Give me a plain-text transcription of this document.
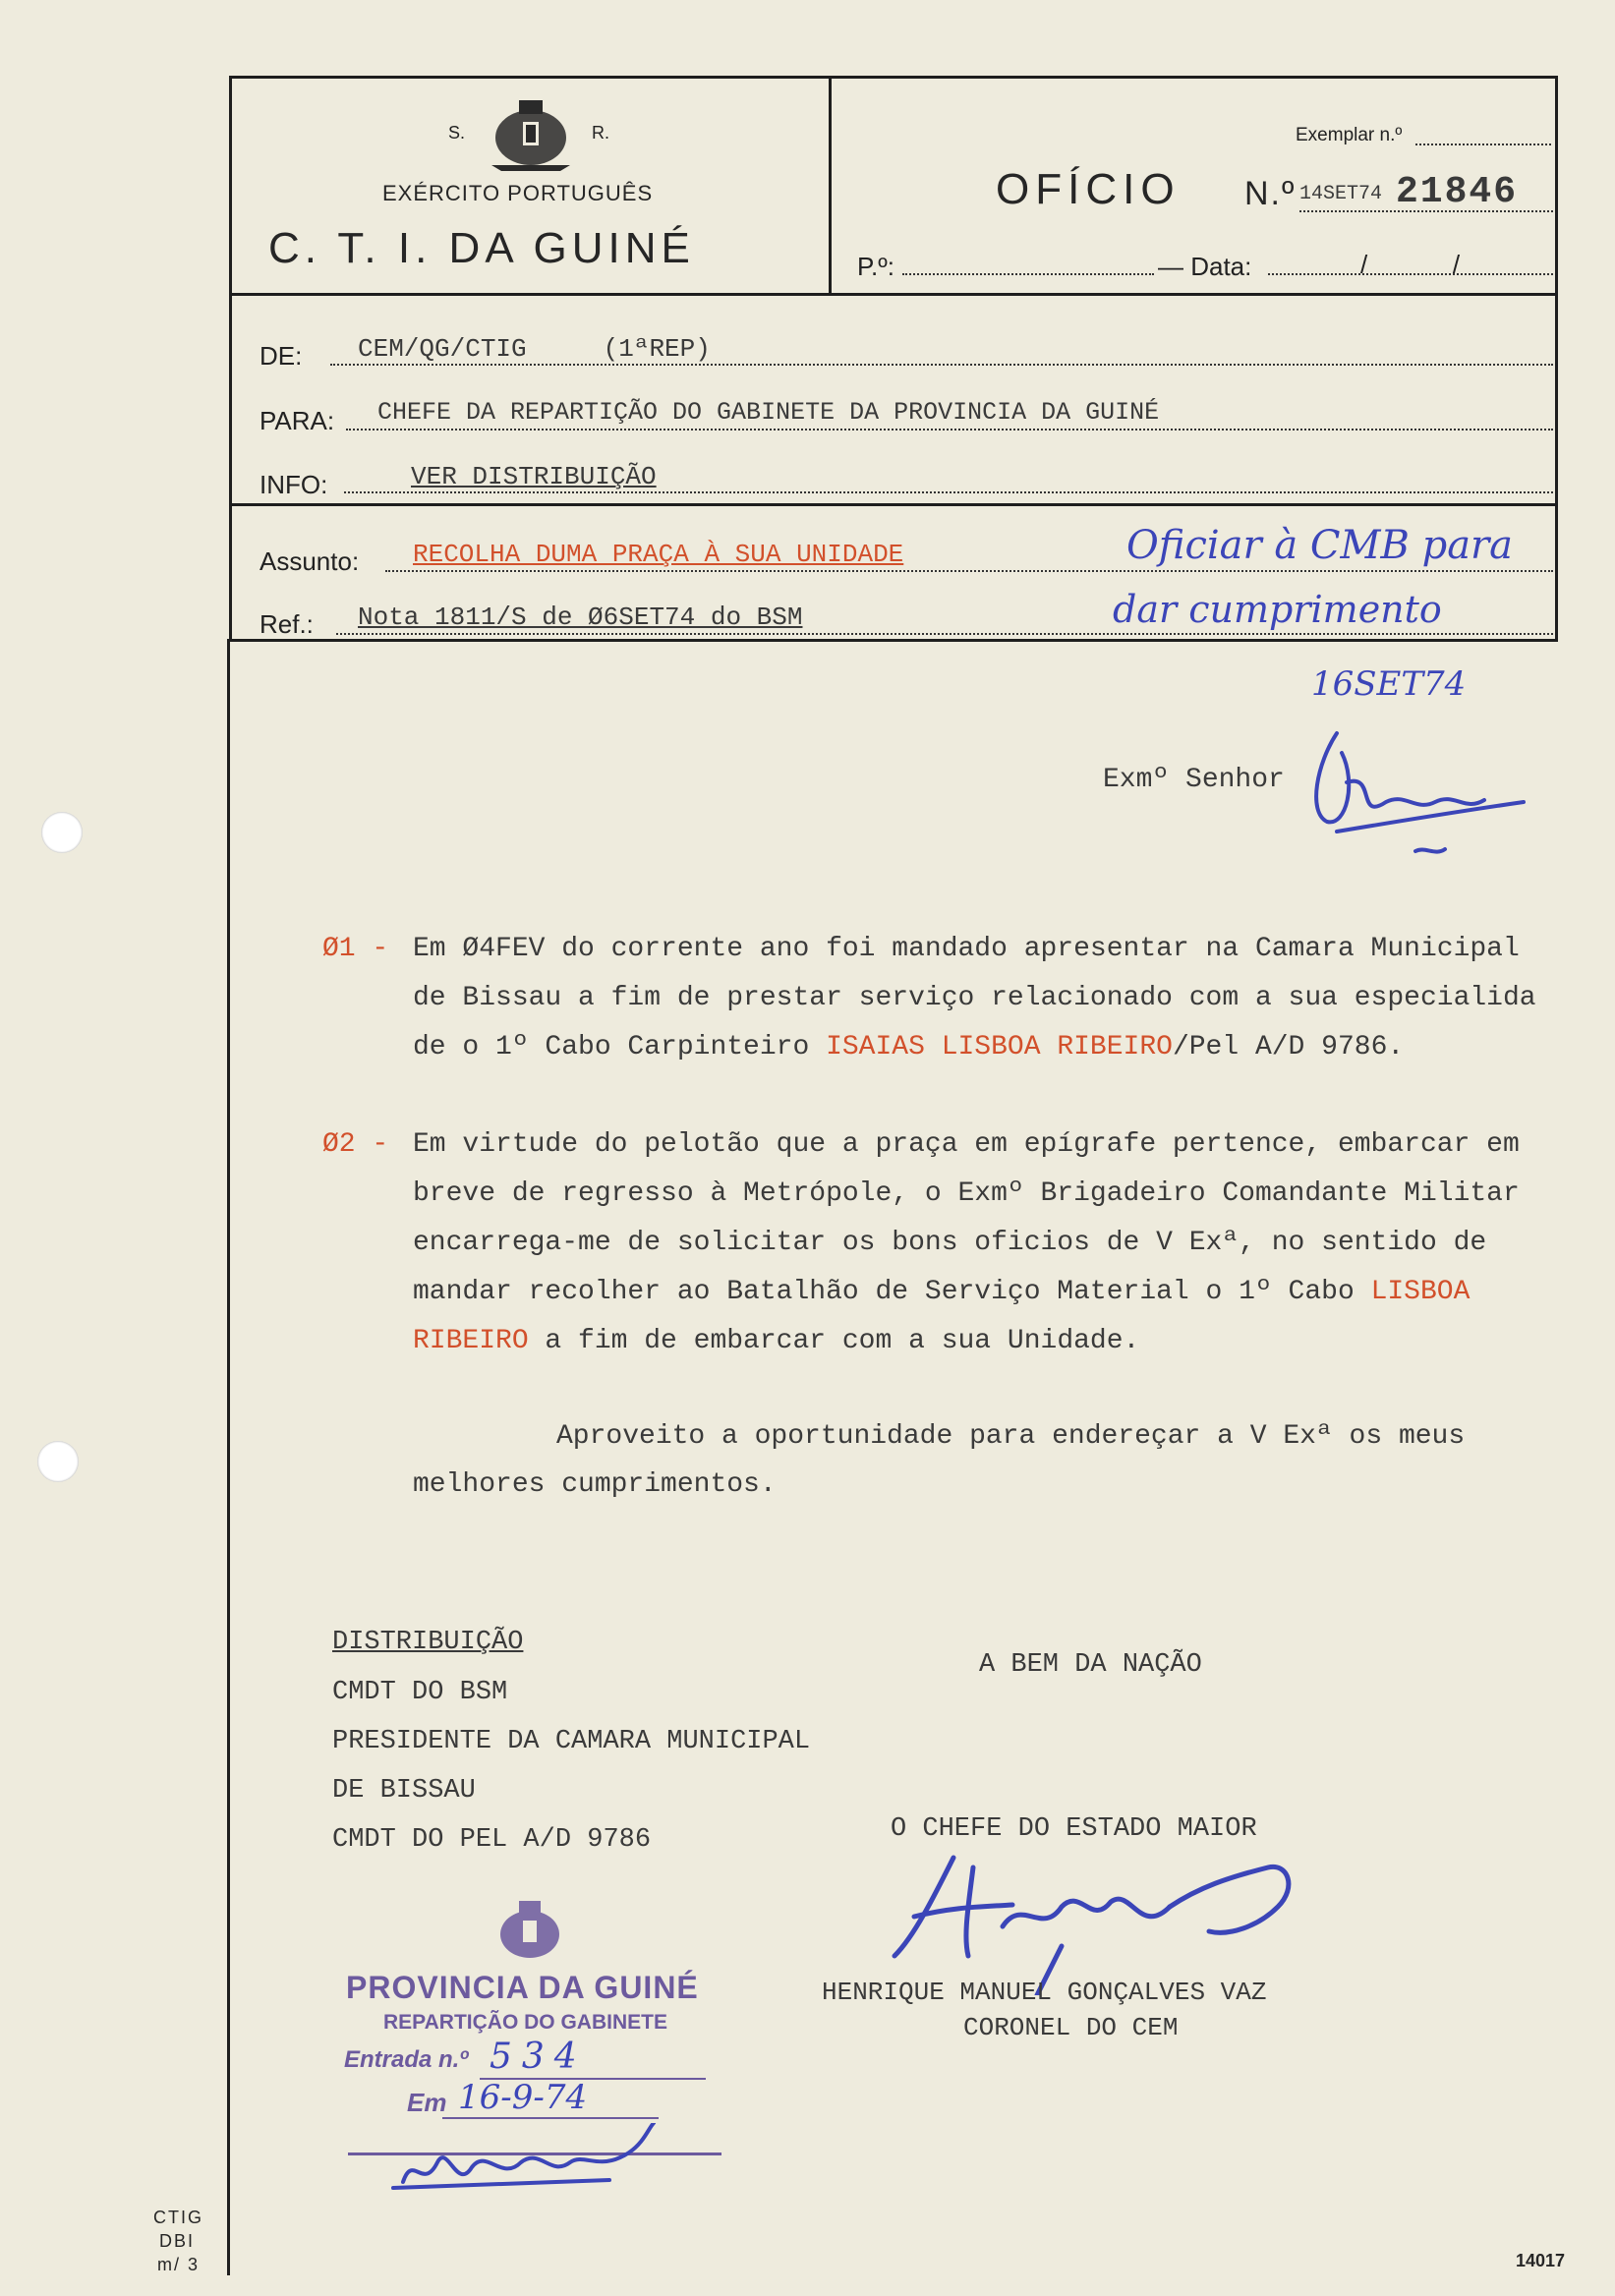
S.	R.
EXÉRCITO PORTUGUÊS
C. T. I. DA GUINÉ
Exemplar n.º
OFÍCIO N.º 14SET74 21846
P.º:	— Data:	/            /
DE: CEM/QG/CTIG     (1ªREP)
PARA: CHEFE DA REPARTIÇÃO DO GABINETE DA PROVINCIA DA GUINÉ
INFO:	VER DISTRIBUIÇÃO
Assunto: RECOLHA DUMA PRAÇA À SUA UNIDADE
Ref.: Nota 1811/S de Ø6SET74 do BSM
Oficiar à CMB para
dar cumprimento
16SET74
Exmº Senhor
Ø1 - Em Ø4FEV do corrente ano foi mandado apresentar na Camara Municipal
de Bissau a fim de prestar serviço relacionado com a sua especialida
de o 1º Cabo Carpinteiro ISAIAS LISBOA RIBEIRO/Pel A/D 9786.
Ø2 - Em virtude do pelotão que a praça em epígrafe pertence, embarcar em
breve de regresso à Metrópole, o Exmº Brigadeiro Comandante Militar
encarrega-me de solicitar os bons oficios de V Exª, no sentido de
mandar recolher ao Batalhão de Serviço Material o 1º Cabo LISBOA
RIBEIRO a fim de embarcar com a sua Unidade.
Aproveito a oportunidade para endereçar a V Exª os meus
melhores cumprimentos.
DISTRIBUIÇÃO
CMDT DO BSM
PRESIDENTE DA CAMARA MUNICIPAL
DE BISSAU
CMDT DO PEL A/D 9786
A BEM DA NAÇÃO
O CHEFE DO ESTADO MAIOR
HENRIQUE MANUEL GONÇALVES VAZ
CORONEL DO CEM
PROVINCIA DA GUINÉ
REPARTIÇÃO DO GABINETE
Entrada n.º 534
Em 16-9-74
CTIG
DBI
m/ 3	14017
